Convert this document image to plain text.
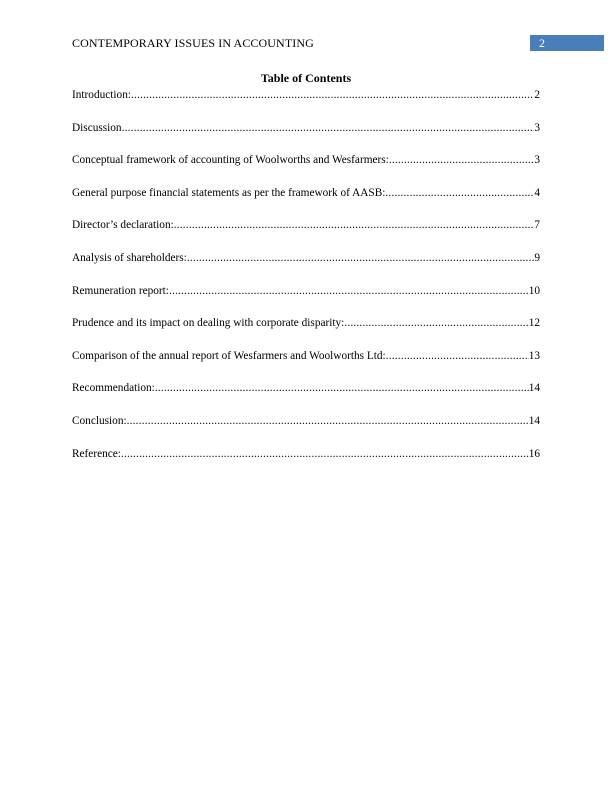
CONTEMPORARY ISSUES IN ACCOUNTING	2
Table of Contents
Introduction: .....	2
Discussion .....	3
Conceptual framework of accounting of Woolworths and Wesfarmers: .....	3
General purpose financial statements as per the framework of AASB: .....	4
Director’s declaration: .....	7
Analysis of shareholders: .....	9
Remuneration report: .....	10
Prudence and its impact on dealing with corporate disparity: .....	12
Comparison of the annual report of Wesfarmers and Woolworths Ltd: .....	13
Recommendation: .....	14
Conclusion: .....	14
Reference: .....	16
